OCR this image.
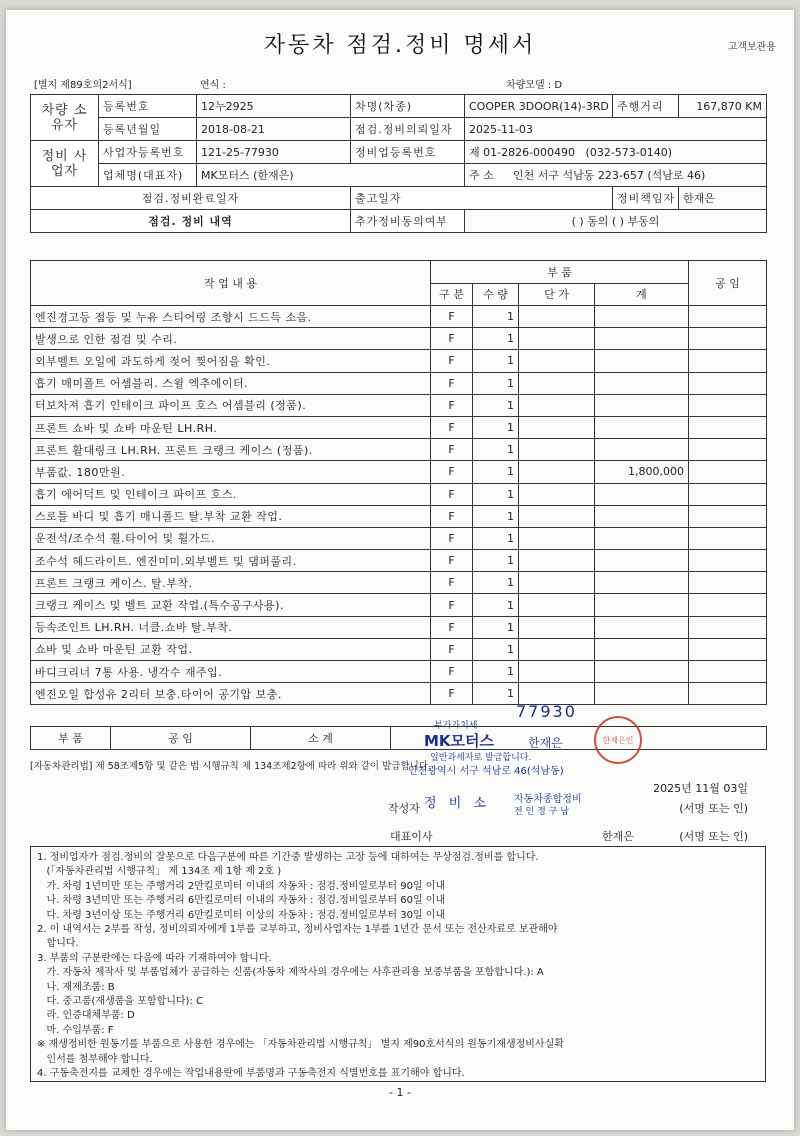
자동차 점검.정비 명세서	고객보관용
[별지 제89호의2서식]	연식 :	차량모델 : D
차량 소유자	등록번호	12누2925	차명(차종)	COOPER 3DOOR(14)-3RD	주행거리	167,870 KM
	등록년월일	2018-08-21	점검.정비의뢰일자	2025-11-03		
정비 사업자	사업자등록번호	121-25-77930	정비업등록번호	제 01-2826-000490 (032-573-0140)		
	업체명(대표자)	MK모터스 (한재은)		주 소 인천 서구 석남동 223-657 (석남로 46)		
점검.정비완료일자			출고일자		정비책임자	한재은
점검. 정비 내역			추가정비동의여부	( ) 동의 ( ) 부동의		
작 업 내 용	부 품				공 임
	구 분	수 량	단 가	계	
엔진경고등 점등 및 누유 스티어링 조향시 드드득 소음.	F	1			
발생으로 인한 점검 및 수리.	F	1			
외부벨트 오일에 과도하게 젖어 찢어짐을 확인.	F	1			
흡기 매미폴트 어셈블리. 스윌 엑추에이터.	F	1			
터보차져 흡기 인테이크 파이프 호스 어셈블리 (정품).	F	1			
프론트 쇼바 및 쇼바 마운틴 LH.RH.	F	1			
프론트 활대링크 LH.RH. 프론트 크랭크 케이스 (정품).	F	1			
부품값. 180만원.	F	1		1,800,000	
흡기 에어덕트 및 인테이크 파이프 호스.	F	1			
스로틀 바디 및 흡기 매니폴드 탈.부착 교환 작업.	F	1			
운전석/조수석 휠.타이어 및 휠가드.	F	1			
조수석 헤드라이트. 엔진미미.외부벨트 및 댐퍼풀리.	F	1			
프론트 크랭크 케이스. 탈.부착.	F	1			
크랭크 케이스 및 벨트 교환 작업.(특수공구사용).	F	1			
등속조인트 LH.RH. 너클.쇼바 탈.부착.	F	1			
쇼바 및 쇼바 마운틴 교환 작업.	F	1			
바디크리너 7통 사용. 냉각수 재주입.	F	1			
엔진오일 합성유 2리터 보충.타이어 공기압 보충.	F	1			
부 품	공 임	소 계	
[자동차관리법] 제 58조제5항 및 같은 법 시행규칙 제 134조제2항에 따라 위와 같이 발급합니다.
77930
부가가치세
MK모터스	한재은
일반과세자로 발급합니다.
인천광역시 서구 석남로 46(석남동)
한재은인
2025년 11월 03일
작성자 정 비 소 자동차종합정비
전 인 정 구 남	(서명 또는 인)
대표이사	한재은	(서명 또는 인)
1. 정비업자가 점검.정비의 잘못으로 다음구분에 따른 기간중 발생하는 고장 등에 대하여는 무상점검.정비를 합니다.
(「자동차관리법 시행규칙」 제 134조 제 1항 제 2호 )
가. 차령 1년미만 또는 주행거리 2만킬로미터 이내의 자동차 : 점검.정비일로부터 90일 이내
나. 차령 3년미만 또는 주행거리 6만킬로미터 이내의 자동차 : 점검.정비일로부터 60일 이내
다. 차령 3년이상 또는 주행거리 6만킬로미터 이상의 자동차 : 점검.정비일로부터 30일 이내
2. 이 내역서는 2부를 작성, 정비의뢰자에게 1부를 교부하고, 정비사업자는 1부를 1년간 문서 또는 전산자료로 보관해야
합니다.
3. 부품의 구분란에는 다음에 따라 기재하여야 합니다.
가. 자동차 제작사 및 부품업체가 공급하는 신품(자동차 제작사의 경우에는 사후관리용 보증부품을 포함합니다.): A
나. 재제조품: B
다. 중고품(재생품을 포함합니다): C
라. 인증대체부품: D
마. 수입부품: F
※ 재생정비한 원동기를 부품으로 사용한 경우에는 「자동차관리법 시행규칙」 별지 제90호서식의 원동기재생정비사실확
인서를 첨부해야 합니다.
4. 구동축전지를 교체한 경우에는 작업내용란에 부품명과 구동축전지 식별번호를 표기해야 합니다.
- 1 -
